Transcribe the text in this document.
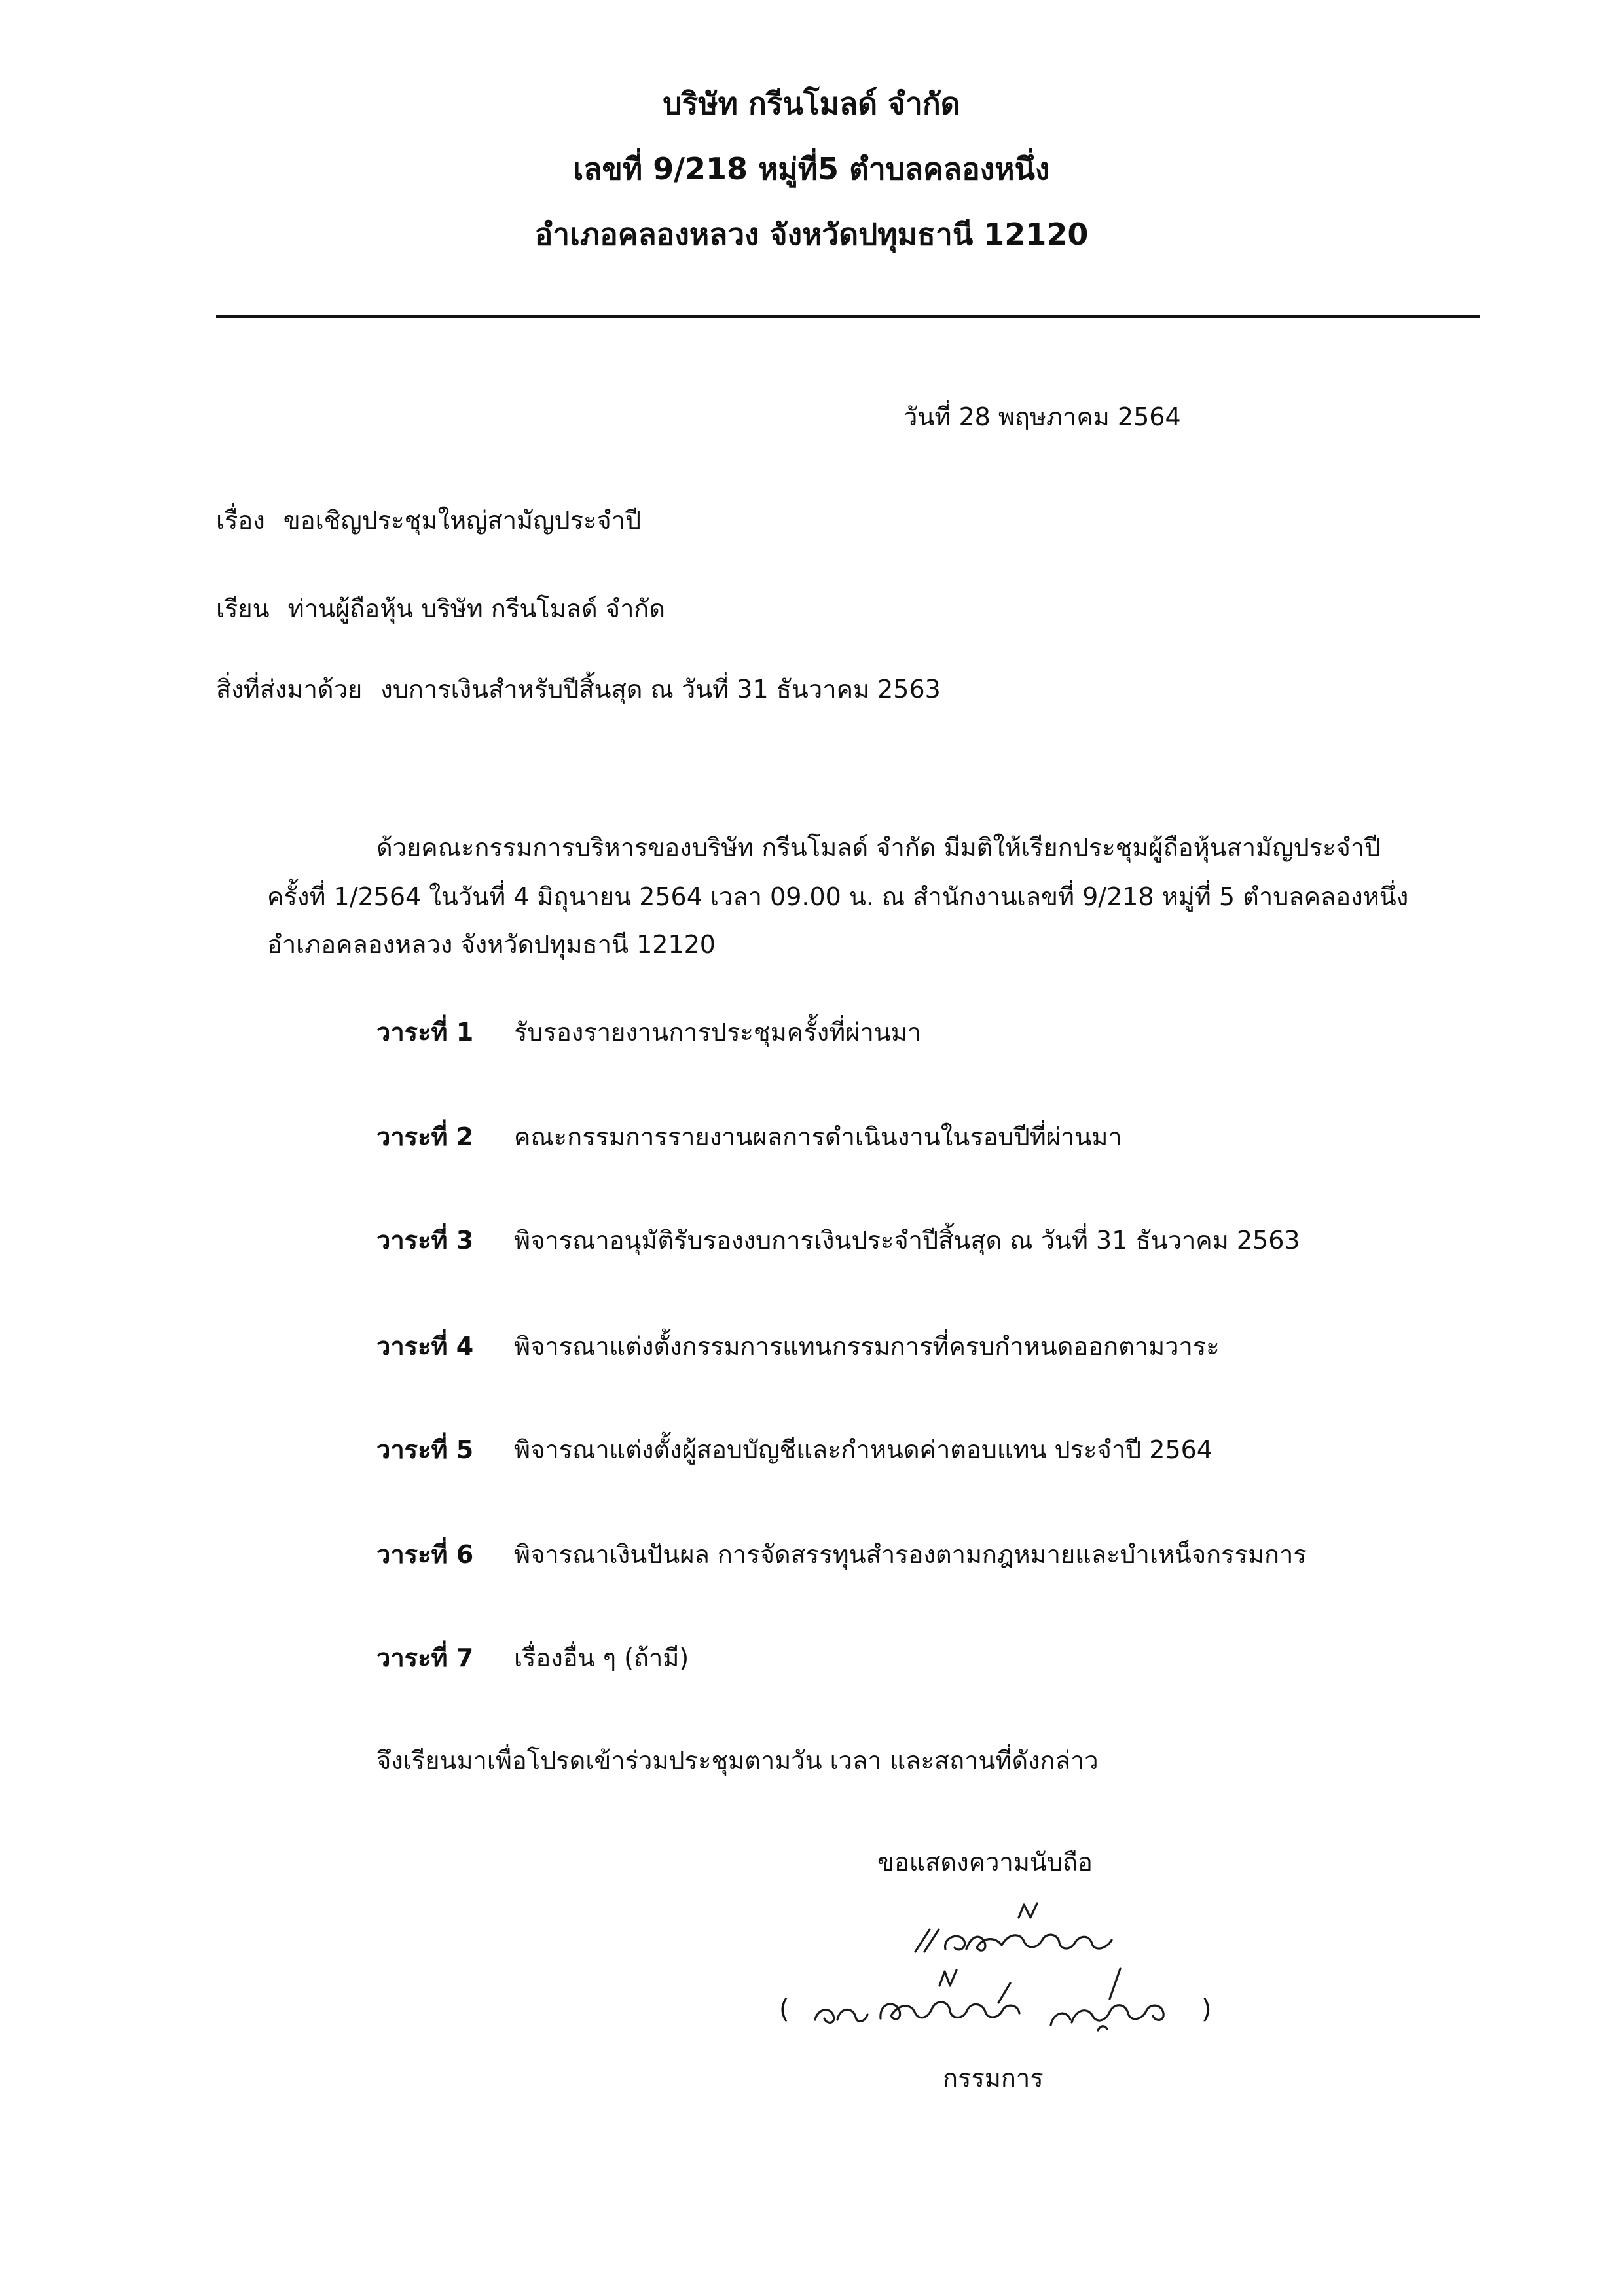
บริษัท กรีนโมลด์ จำกัด
เลขที่ 9/218 หมู่ที่5 ตำบลคลองหนึ่ง
อำเภอคลองหลวง จังหวัดปทุมธานี 12120
วันที่ 28 พฤษภาคม 2564
เรื่อง ขอเชิญประชุมใหญ่สามัญประจำปี
เรียน ท่านผู้ถือหุ้น บริษัท กรีนโมลด์ จำกัด
สิ่งที่ส่งมาด้วย งบการเงินสำหรับปีสิ้นสุด ณ วันที่ 31 ธันวาคม 2563
ด้วยคณะกรรมการบริหารของบริษัท กรีนโมลด์ จำกัด มีมติให้เรียกประชุมผู้ถือหุ้นสามัญประจำปี
ครั้งที่ 1/2564 ในวันที่ 4 มิถุนายน 2564 เวลา 09.00 น. ณ สำนักงานเลขที่ 9/218 หมู่ที่ 5 ตำบลคลองหนึ่ง
อำเภอคลองหลวง จังหวัดปทุมธานี 12120
วาระที่ 1 รับรองรายงานการประชุมครั้งที่ผ่านมา
วาระที่ 2 คณะกรรมการรายงานผลการดำเนินงานในรอบปีที่ผ่านมา
วาระที่ 3 พิจารณาอนุมัติรับรองงบการเงินประจำปีสิ้นสุด ณ วันที่ 31 ธันวาคม 2563
วาระที่ 4 พิจารณาแต่งตั้งกรรมการแทนกรรมการที่ครบกำหนดออกตามวาระ
วาระที่ 5 พิจารณาแต่งตั้งผู้สอบบัญชีและกำหนดค่าตอบแทน ประจำปี 2564
วาระที่ 6 พิจารณาเงินปันผล การจัดสรรทุนสำรองตามกฎหมายและบำเหน็จกรรมการ
วาระที่ 7 เรื่องอื่น ๆ (ถ้ามี)
จึงเรียนมาเพื่อโปรดเข้าร่วมประชุมตามวัน เวลา และสถานที่ดังกล่าว
ขอแสดงความนับถือ
(	)
กรรมการ
